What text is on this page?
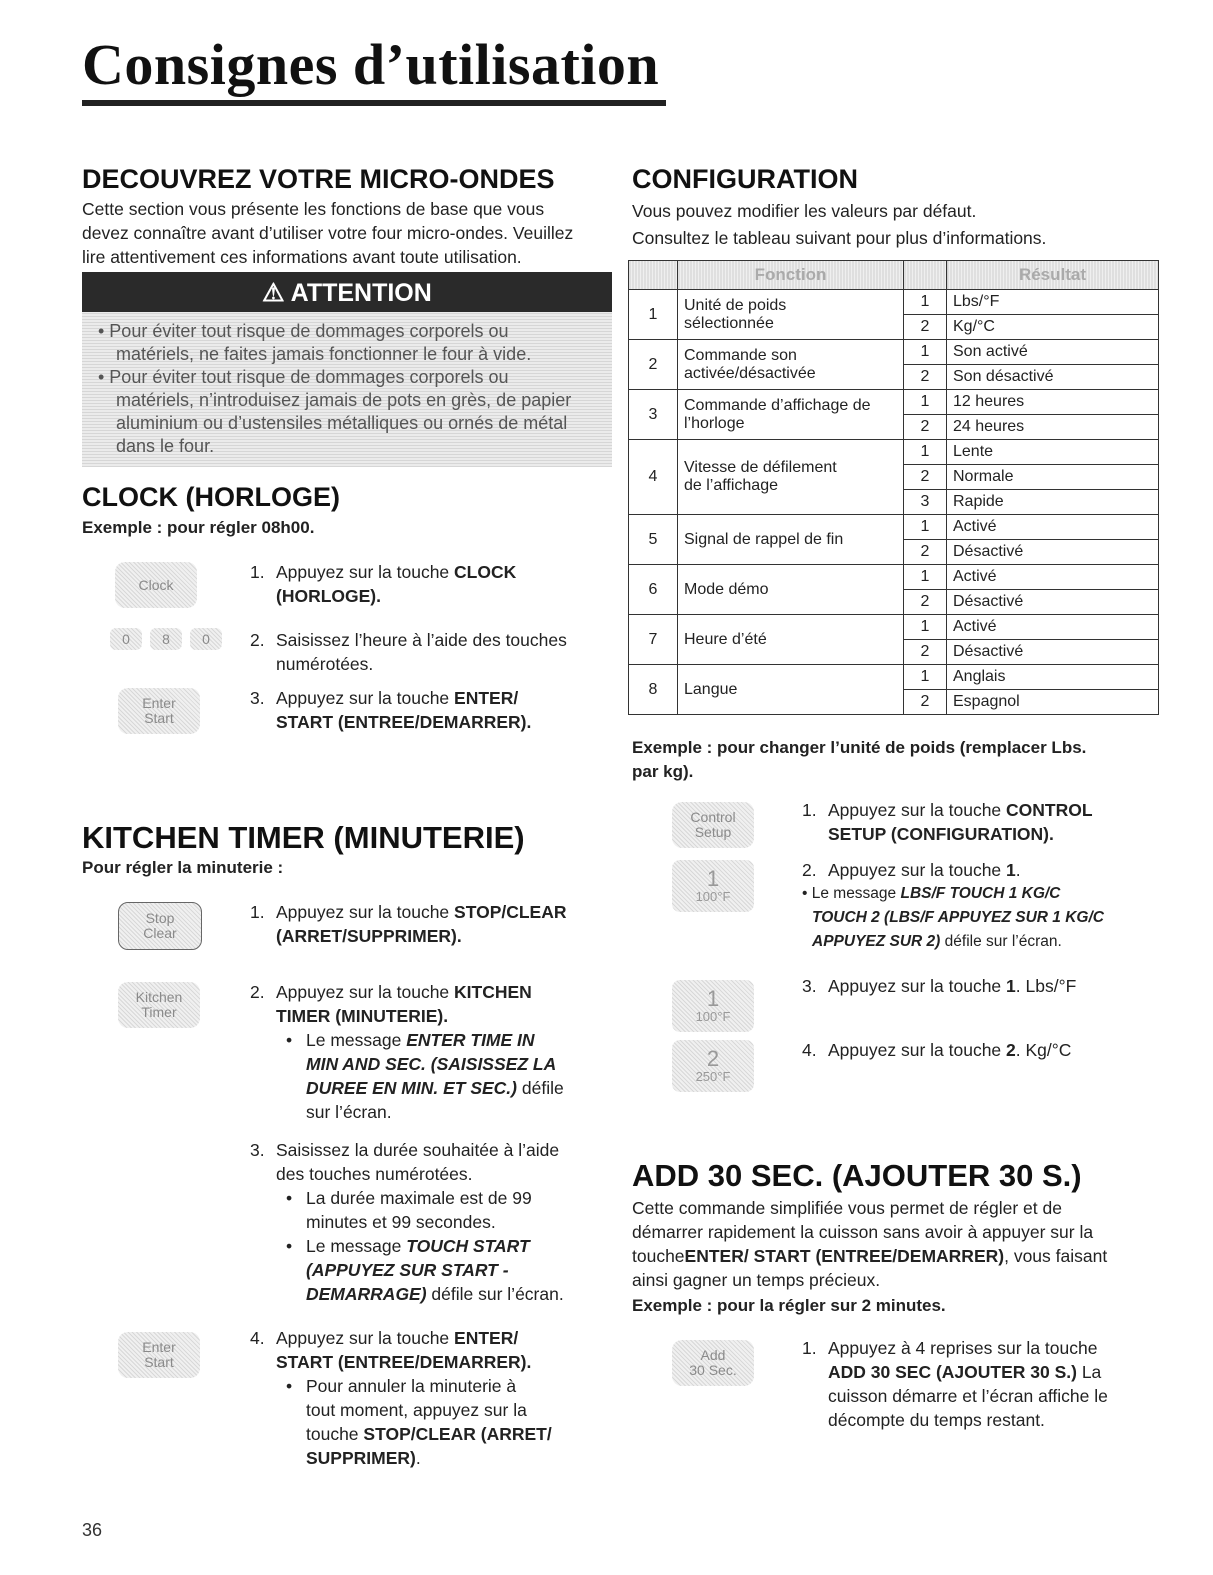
Consignes d’utilisation
DECOUVREZ VOTRE MICRO-ONDES
Cette section vous présente les fonctions de base que vous
devez connaître avant d’utiliser votre four micro-ondes. Veuillez
lire attentivement ces informations avant toute utilisation.
⚠ ATTENTION
• Pour éviter tout risque de dommages corporels ou
matériels, ne faites jamais fonctionner le four à vide.
• Pour éviter tout risque de dommages corporels ou
matériels, n’introduisez jamais de pots en grès, de papier
aluminium ou d’ustensiles métalliques ou ornés de métal
dans le four.
CLOCK (HORLOGE)
Exemple : pour régler 08h00.
Clock
1. Appuyez sur la touche CLOCK
(HORLOGE).
0	8	0	2. Saisissez l’heure à l’aide des touches
numérotées.
Enter
Start
3. Appuyez sur la touche ENTER/
START (ENTREE/DEMARRER).
KITCHEN TIMER (MINUTERIE)
Pour régler la minuterie :
Stop
Clear
1. Appuyez sur la touche STOP/CLEAR
(ARRET/SUPPRIMER).
Kitchen
Timer
2. Appuyez sur la touche KITCHEN
TIMER (MINUTERIE).
• Le message ENTER TIME IN
MIN AND SEC. (SAISISSEZ LA
DUREE EN MIN. ET SEC.) défile
sur l’écran.
3. Saisissez la durée souhaitée à l’aide
des touches numérotées.
• La durée maximale est de 99
minutes et 99 secondes.
• Le message TOUCH START
(APPUYEZ SUR START -
DEMARRAGE) défile sur l’écran.
Enter
Start
4. Appuyez sur la touche ENTER/
START (ENTREE/DEMARRER).
• Pour annuler la minuterie à
tout moment, appuyez sur la
touche STOP/CLEAR (ARRET/
SUPPRIMER).
36
CONFIGURATION
Vous pouvez modifier les valeurs par défaut.
Consultez le tableau suivant pour plus d’informations.
	Fonction		Résultat
1	Unité de poids
sélectionnée	1	Lbs/°F
		2	Kg/°C
2	Commande son
activée/désactivée	1	Son activé
		2	Son désactivé
3	Commande d’affichage de
l’horloge	1	12 heures
		2	24 heures
4	Vitesse de défilement
de l’affichage	1	Lente
		2	Normale
		3	Rapide
5	Signal de rappel de fin	1	Activé
		2	Désactivé
6	Mode démo	1	Activé
		2	Désactivé
7	Heure d’été	1	Activé
		2	Désactivé
8	Langue	1	Anglais
		2	Espagnol
Exemple : pour changer l’unité de poids (remplacer Lbs.
par kg).
Control
Setup
1. Appuyez sur la touche CONTROL
SETUP (CONFIGURATION).
1
100°F
2. Appuyez sur la touche 1.
• Le message LBS/F TOUCH 1 KG/C
TOUCH 2 (LBS/F APPUYEZ SUR 1 KG/C
APPUYEZ SUR 2) défile sur l’écran.
1
100°F
3. Appuyez sur la touche 1. Lbs/°F
2
250°F
4. Appuyez sur la touche 2. Kg/°C
ADD 30 SEC. (AJOUTER 30 S.)
Cette commande simplifiée vous permet de régler et de
démarrer rapidement la cuisson sans avoir à appuyer sur la
toucheENTER/ START (ENTREE/DEMARRER), vous faisant
ainsi gagner un temps précieux.
Exemple : pour la régler sur 2 minutes.
Add
30 Sec.
1. Appuyez à 4 reprises sur la touche
ADD 30 SEC (AJOUTER 30 S.) La
cuisson démarre et l’écran affiche le
décompte du temps restant.
